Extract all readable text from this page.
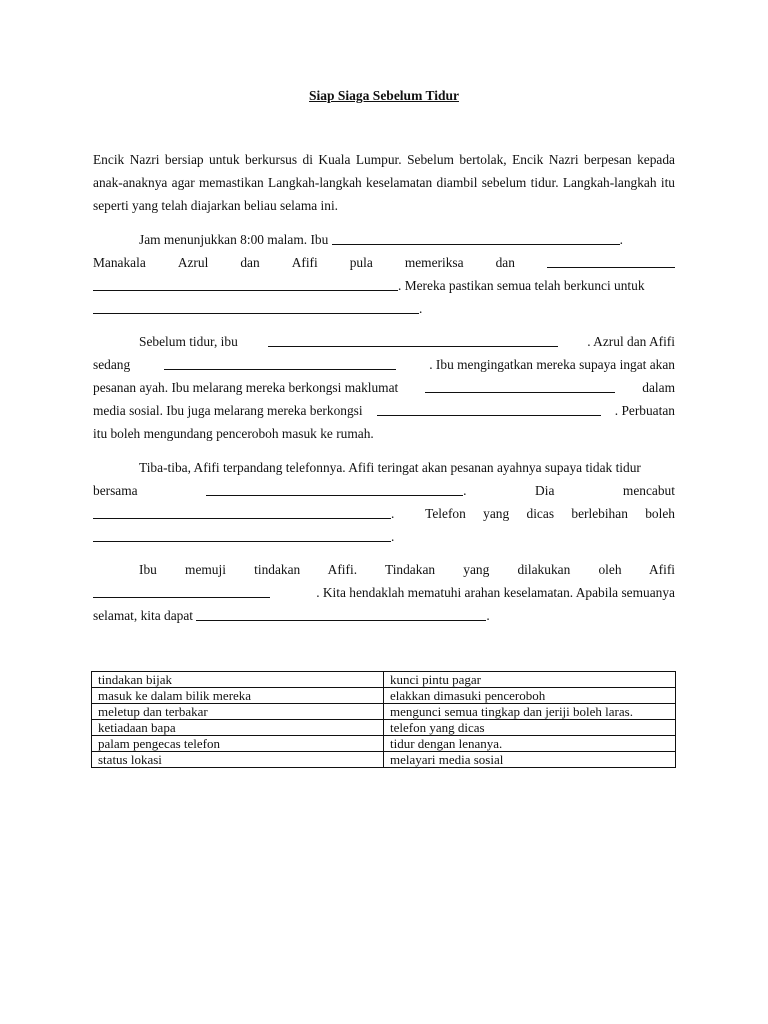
Siap Siaga Sebelum Tidur

Encik Nazri bersiap untuk berkursus di Kuala Lumpur. Sebelum bertolak, Encik Nazri berpesan kepada anak-anaknya agar memastikan Langkah-langkah keselamatan diambil sebelum tidur. Langkah-langkah itu seperti yang telah diajarkan beliau selama ini.

Jam menunjukkan 8:00 malam. Ibu	.
Manakala Azrul dan Afifi pula memeriksa dan
. Mereka pastikan semua telah berkunci untuk
.
Sebelum tidur, ibu	. Azrul dan Afifi
sedang	. Ibu mengingatkan mereka supaya ingat akan
pesanan ayah. Ibu melarang mereka berkongsi maklumat	dalam
media sosial. Ibu juga melarang mereka berkongsi	. Perbuatan
itu boleh mengundang penceroboh masuk ke rumah.
Tiba-tiba, Afifi terpandang telefonnya. Afifi teringat akan pesanan ayahnya supaya tidak tidur
bersama	.	Dia	mencabut
. Telefon yang dicas berlebihan boleh
.
Ibu memuji tindakan Afifi. Tindakan yang dilakukan oleh Afifi
. Kita hendaklah mematuhi arahan keselamatan. Apabila semuanya
selamat, kita dapat	.
tindakan bijak	kunci pintu pagar
masuk ke dalam bilik mereka	elakkan dimasuki penceroboh
meletup dan terbakar	mengunci semua tingkap dan jeriji boleh laras.
ketiadaan bapa	telefon yang dicas
palam pengecas telefon	tidur dengan lenanya.
status lokasi	melayari media sosial
